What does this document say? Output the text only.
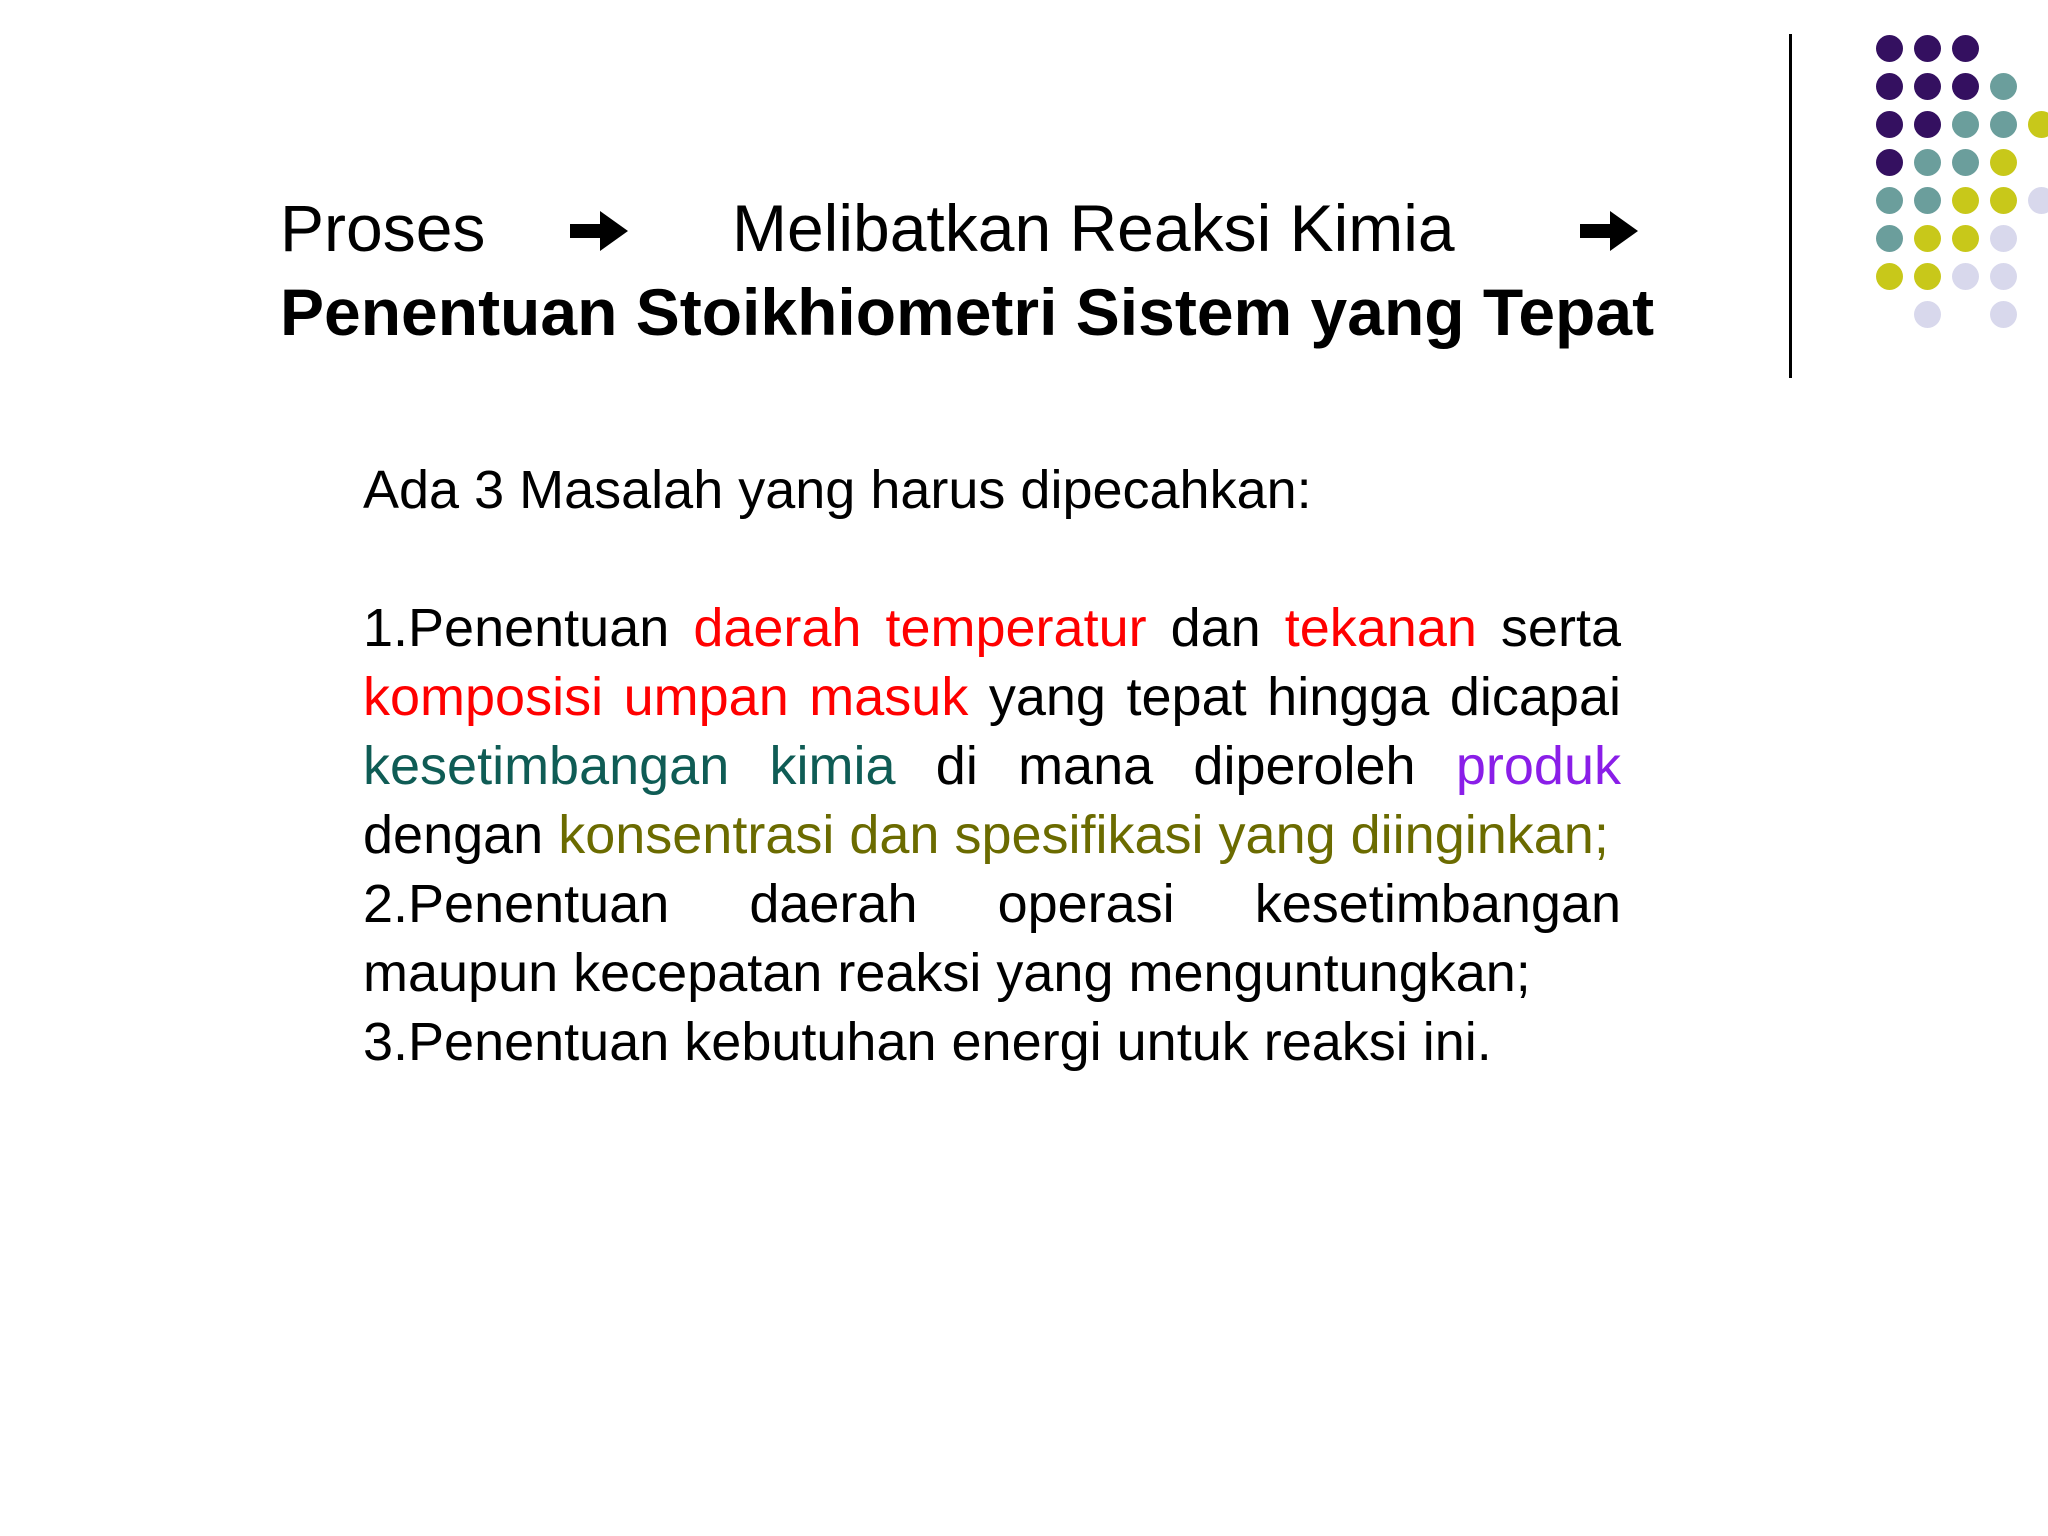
Proses	Melibatkan Reaksi Kimia
Penentuan Stoikhiometri Sistem yang Tepat

Ada 3 Masalah yang harus dipecahkan:

1.Penentuan daerah temperatur dan tekanan serta komposisi umpan masuk yang tepat hingga dicapai kesetimbangan kimia di mana diperoleh produk dengan konsentrasi dan spesifikasi yang diinginkan;

2.Penentuan daerah operasi kesetimbangan maupun kecepatan reaksi yang menguntungkan;

3.Penentuan kebutuhan energi untuk reaksi ini.
